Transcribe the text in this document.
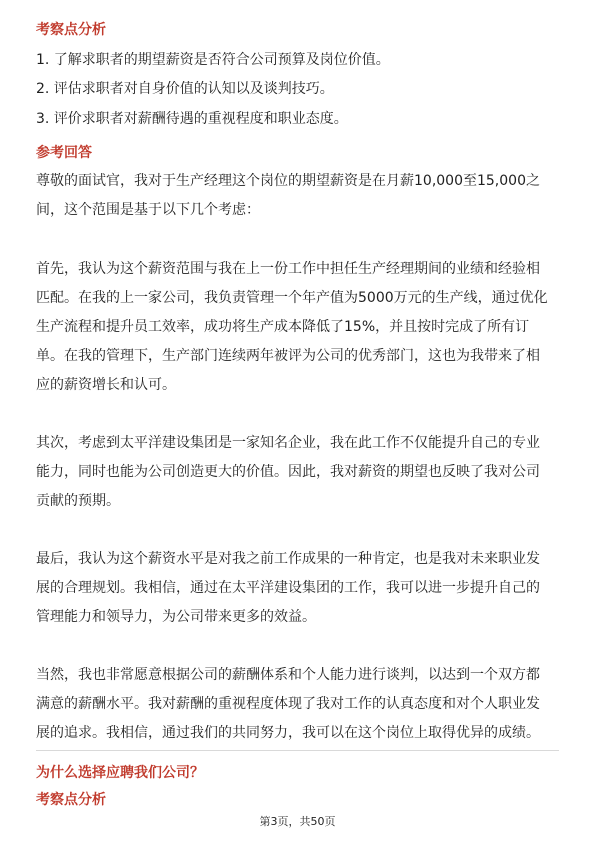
考察点分析
1. 了解求职者的期望薪资是否符合公司预算及岗位价值。
2. 评估求职者对自身价值的认知以及谈判技巧。
3. 评价求职者对薪酬待遇的重视程度和职业态度。
参考回答
尊敬的面试官，我对于生产经理这个岗位的期望薪资是在月薪10,000至15,000之
间，这个范围是基于以下几个考虑：
首先，我认为这个薪资范围与我在上一份工作中担任生产经理期间的业绩和经验相
匹配。在我的上一家公司，我负责管理一个年产值为5000万元的生产线，通过优化
生产流程和提升员工效率，成功将生产成本降低了15%，并且按时完成了所有订
单。在我的管理下，生产部门连续两年被评为公司的优秀部门，这也为我带来了相
应的薪资增长和认可。
其次，考虑到太平洋建设集团是一家知名企业，我在此工作不仅能提升自己的专业
能力，同时也能为公司创造更大的价值。因此，我对薪资的期望也反映了我对公司
贡献的预期。
最后，我认为这个薪资水平是对我之前工作成果的一种肯定，也是我对未来职业发
展的合理规划。我相信，通过在太平洋建设集团的工作，我可以进一步提升自己的
管理能力和领导力，为公司带来更多的效益。
当然，我也非常愿意根据公司的薪酬体系和个人能力进行谈判，以达到一个双方都
满意的薪酬水平。我对薪酬的重视程度体现了我对工作的认真态度和对个人职业发
展的追求。我相信，通过我们的共同努力，我可以在这个岗位上取得优异的成绩。
为什么选择应聘我们公司？
考察点分析
第3页，共50页
